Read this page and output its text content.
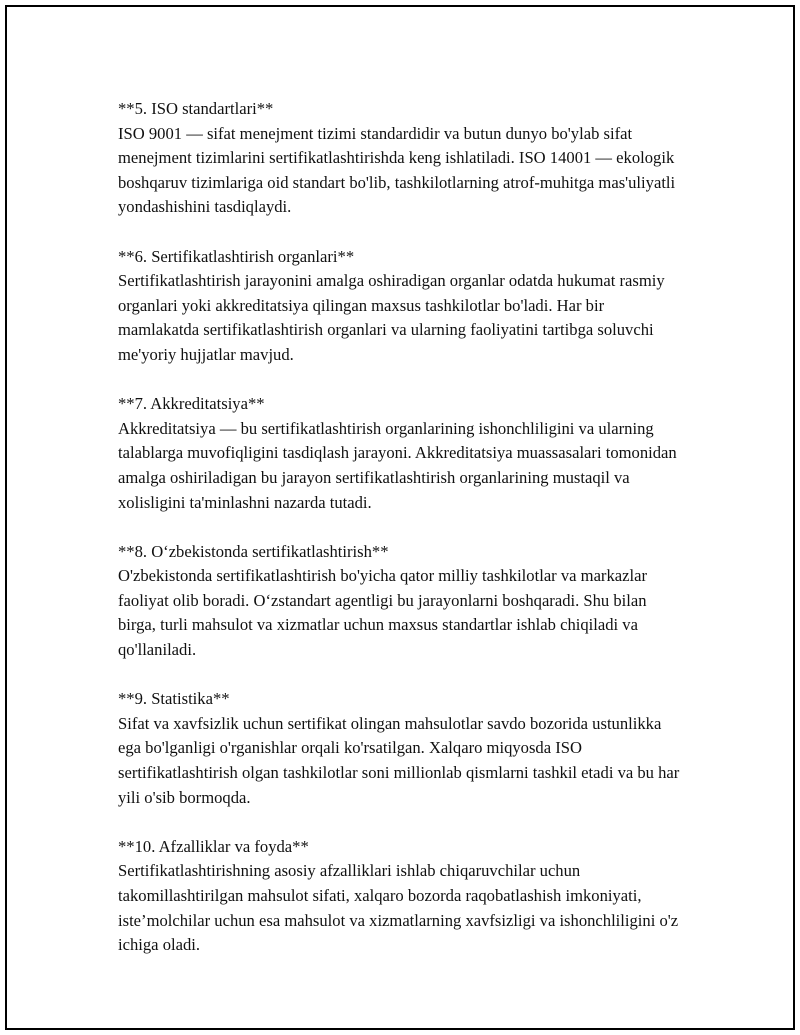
**5. ISO standartlari**
ISO 9001 — sifat menejment tizimi standardidir va butun dunyo bo'ylab sifat menejment tizimlarini sertifikatlashtirishda keng ishlatiladi. ISO 14001 — ekologik boshqaruv tizimlariga oid standart bo'lib, tashkilotlarning atrof-muhitga mas'uliyatli yondashishini tasdiqlaydi.
**6. Sertifikatlashtirish organlari**
Sertifikatlashtirish jarayonini amalga oshiradigan organlar odatda hukumat rasmiy organlari yoki akkreditatsiya qilingan maxsus tashkilotlar bo'ladi. Har bir mamlakatda sertifikatlashtirish organlari va ularning faoliyatini tartibga soluvchi me'yoriy hujjatlar mavjud.
**7. Akkreditatsiya**
Akkreditatsiya — bu sertifikatlashtirish organlarining ishonchliligini va ularning talablarga muvofiqligini tasdiqlash jarayoni. Akkreditatsiya muassasalari tomonidan amalga oshiriladigan bu jarayon sertifikatlashtirish organlarining mustaqil va xolisligini ta'minlashni nazarda tutadi.
**8. O‘zbekistonda sertifikatlashtirish**
O'zbekistonda sertifikatlashtirish bo'yicha qator milliy tashkilotlar va markazlar faoliyat olib boradi. O‘zstandart agentligi bu jarayonlarni boshqaradi. Shu bilan birga, turli mahsulot va xizmatlar uchun maxsus standartlar ishlab chiqiladi va qo'llaniladi.
**9. Statistika**
Sifat va xavfsizlik uchun sertifikat olingan mahsulotlar savdo bozorida ustunlikka ega bo'lganligi o'rganishlar orqali ko'rsatilgan. Xalqaro miqyosda ISO sertifikatlashtirish olgan tashkilotlar soni millionlab qismlarni tashkil etadi va bu har yili o'sib bormoqda.
**10. Afzalliklar va foyda**
Sertifikatlashtirishning asosiy afzalliklari ishlab chiqaruvchilar uchun takomillashtirilgan mahsulot sifati, xalqaro bozorda raqobatlashish imkoniyati, iste’molchilar uchun esa mahsulot va xizmatlarning xavfsizligi va ishonchliligini o'z ichiga oladi.
